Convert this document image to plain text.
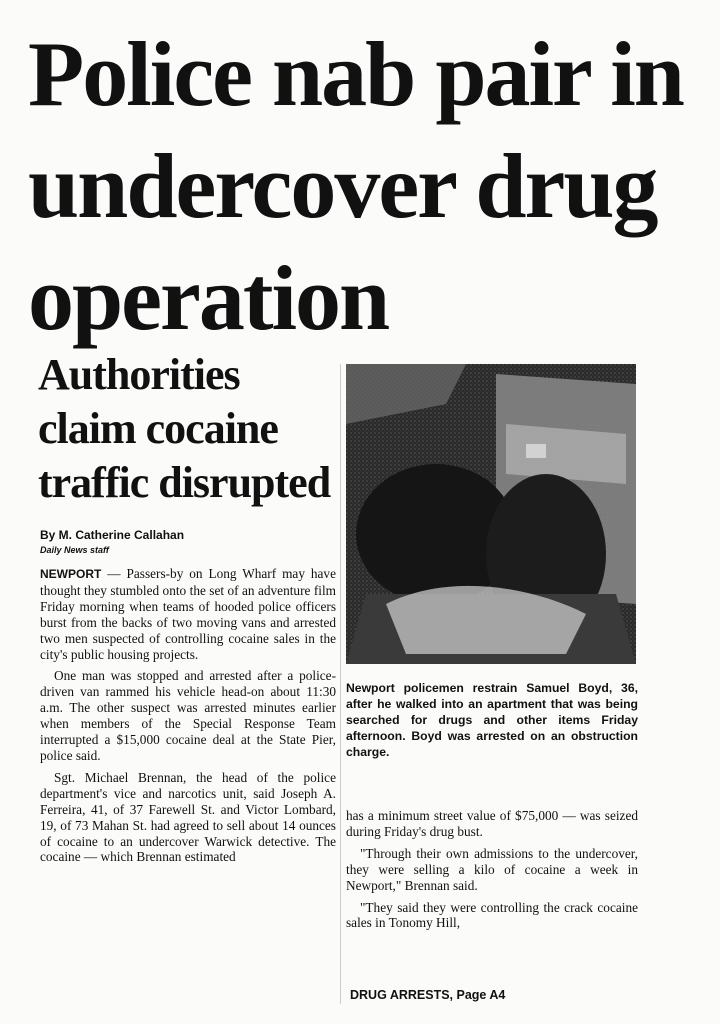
Police nab pair in undercover drug operation
Authorities claim cocaine traffic disrupted
By M. Catherine Callahan
Daily News staff

NEWPORT — Passers-by on Long Wharf may have thought they stumbled onto the set of an adventure film Friday morning when teams of hooded police officers burst from the backs of two moving vans and arrested two men suspected of controlling cocaine sales in the city's public housing projects.

One man was stopped and arrested after a police-driven van rammed his vehicle head-on about 11:30 a.m. The other suspect was arrested minutes earlier when members of the Special Response Team interrupted a $15,000 cocaine deal at the State Pier, police said.

Sgt. Michael Brennan, the head of the police department's vice and narcotics unit, said Joseph A. Ferreira, 41, of 37 Farewell St. and Victor Lombard, 19, of 73 Mahan St. had agreed to sell about 14 ounces of cocaine to an undercover Warwick detective. The cocaine — which Brennan estimated

Newport policemen restrain Samuel Boyd, 36, after he walked into an apartment that was being searched for drugs and other items Friday afternoon. Boyd was arrested on an obstruction charge.

has a minimum street value of $75,000 — was seized during Friday's drug bust.

"Through their own admissions to the undercover, they were selling a kilo of cocaine a week in Newport," Brennan said.

"They said they were controlling the crack cocaine sales in Tonomy Hill,

DRUG ARRESTS, Page A4
